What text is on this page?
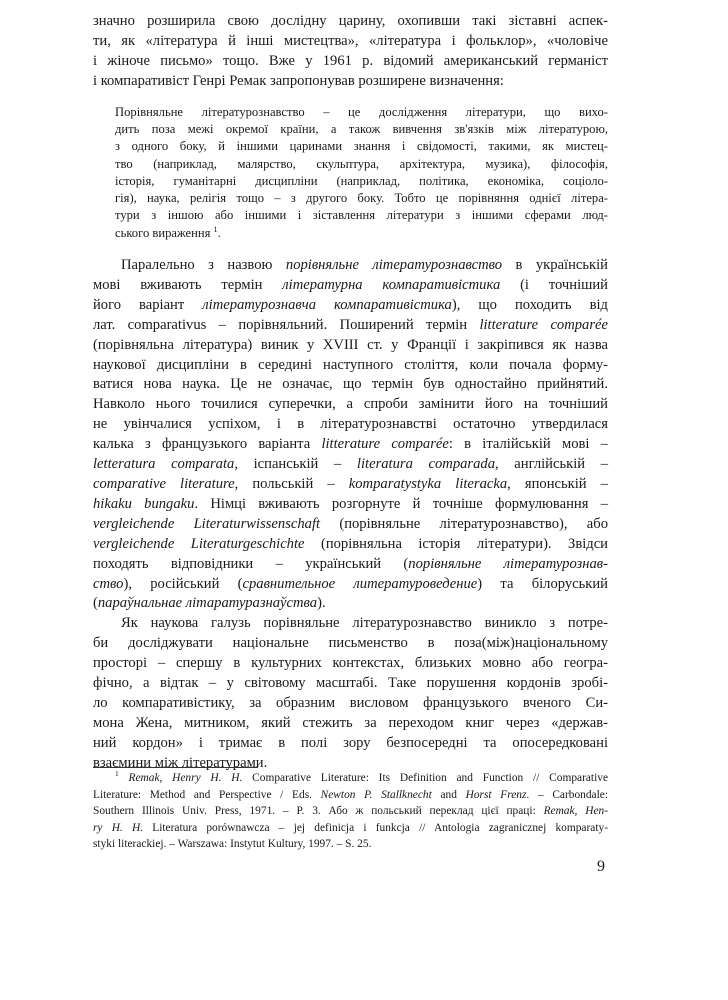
значно розширила свою дослідну царину, охопивши такі зіставні аспек-
ти, як «література й інші мистецтва», «література і фольклор», «чоловіче
і жіноче письмо» тощо. Вже у 1961 р. відомий американський германіст
і компаративіст Генрі Ремак запропонував розширене визначення:
Порівняльне літературознавство – це дослідження літератури, що вихо-
дить поза межі окремої країни, а також вивчення зв'язків між літературою,
з одного боку, й іншими царинами знання і свідомості, такими, як мистец-
тво (наприклад, малярство, скульптура, архітектура, музика), філософія,
історія, гуманітарні дисципліни (наприклад, політика, економіка, соціоло-
гія), наука, релігія тощо – з другого боку. Тобто це порівняння однієї літера-
тури з іншою або іншими і зіставлення літератури з іншими сферами люд-
ського вираження $^1$.
Паралельно з назвою порівняльне літературознавство в українській
мові вживають термін літературна компаративістика (і точніший
його варіант літературознавча компаративістика), що походить від
лат. comparativus – порівняльний. Поширений термін litterature comparée
(порівняльна література) виник у XVIII ст. у Франції і закріпився як назва
наукової дисципліни в середині наступного століття, коли почала форму-
ватися нова наука. Це не означає, що термін був одностайно прийнятий.
Навколо нього точилися суперечки, а спроби замінити його на точніший
не увінчалися успіхом, і в літературознавстві остаточно утвердилася
калька з французького варіанта litterature comparée: в італійській мові –
letteratura comparata, іспанській – literatura comparada, англійській –
comparative literature, польській – komparatystyka literacka, японській –
hikaku bungaku. Німці вживають розгорнуте й точніше формулювання –
vergleichende Literaturwissenschaft (порівняльне літературознавство), або
vergleichende Literaturgeschichte (порівняльна історія літератури). Звідси
походять відповідники – український (порівняльне літературознав-
ство), російський (сравнительное литературоведение) та білоруський
(параўнальнае літаратуразнаўства).
Як наукова галузь порівняльне літературознавство виникло з потре-
би досліджувати національне письменство в поза(між)національному
просторі – спершу в культурних контекстах, близьких мовно або геогра-
фічно, а відтак – у світовому масштабі. Таке порушення кордонів зробі-
ло компаративістику, за образним висловом французького вченого Си-
мона Жена, митником, який стежить за переходом книг через «держав-
ний кордон» і тримає в полі зору безпосередні та опосередковані
взаємини між літературами.
$^1$ Remak, Henry H. H. Comparative Literature: Its Definition and Function // Comparative
Literature: Method and Perspective / Eds. Newton P. Stallknecht and Horst Frenz. – Carbondale:
Southern Illinois Univ. Press, 1971. – P. 3. Або ж польський переклад цієї праці: Remak, Hen-
ry H. H. Literatura porównawcza – jej definicja i funkcja // Antologia zagranicznej komparaty-
styki literackiej. – Warszawa: Instytut Kultury, 1997. – S. 25.
9
